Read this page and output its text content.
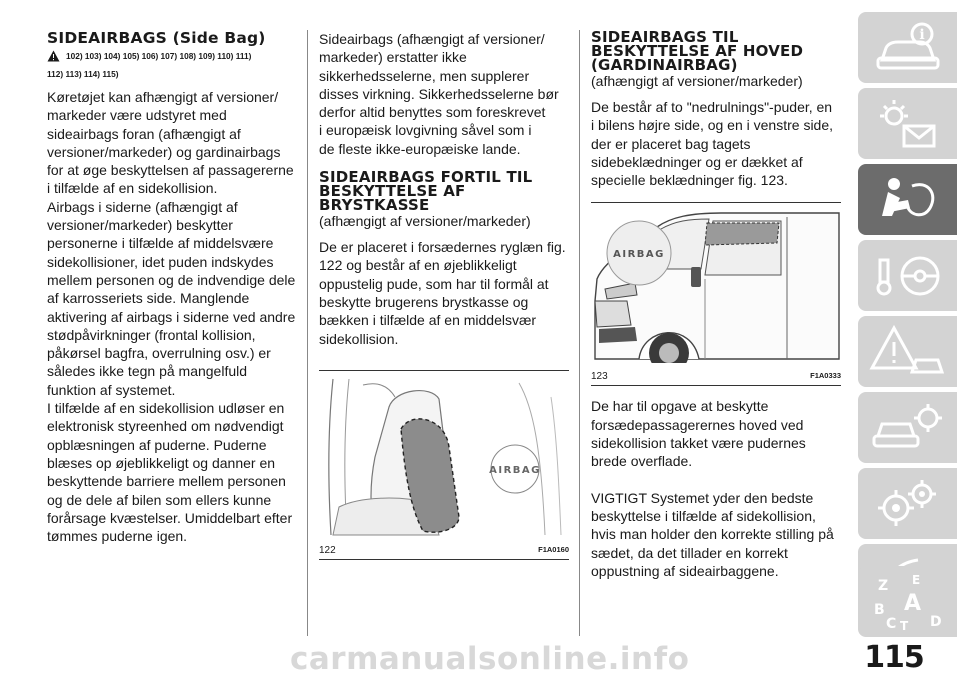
SIDEAIRBAGS (Side Bag)
102) 103) 104) 105) 106) 107) 108) 109) 110) 111)
112) 113) 114) 115)
Køretøjet kan afhængigt af versioner/
markeder være udstyret med
sideairbags foran (afhængigt af
versioner/markeder) og gardinairbags
for at øge beskyttelsen af passagererne
i tilfælde af en sidekollision.
Airbags i siderne (afhængigt af
versioner/markeder) beskytter
personerne i tilfælde af middelsvære
sidekollisioner, idet puden indskydes
mellem personen og de indvendige dele
af karrosseriets side. Manglende
aktivering af airbags i siderne ved andre
stødpåvirkninger (frontal kollision,
påkørsel bagfra, overrulning osv.) er
således ikke tegn på mangelfuld
funktion af systemet.
I tilfælde af en sidekollision udløser en
elektronisk styreenhed om nødvendigt
opblæsningen af puderne. Puderne
blæses op øjeblikkeligt og danner en
beskyttende barriere mellem personen
og de dele af bilen som ellers kunne
forårsage kvæstelser. Umiddelbart efter
tømmes puderne igen.
Sideairbags (afhængigt af versioner/
markeder) erstatter ikke
sikkerhedsselerne, men supplerer
disses virkning. Sikkerhedsselerne bør
derfor altid benyttes som foreskrevet
i europæisk lovgivning såvel som i
de fleste ikke-europæiske lande.
SIDEAIRBAGS FORTIL TIL
BESKYTTELSE AF
BRYSTKASSE
(afhængigt af versioner/markeder)
De er placeret i forsædernes ryglæn fig.
122 og består af en øjeblikkeligt
oppustelig pude, som har til formål at
beskytte brugerens brystkasse og
bækken i tilfælde af en middelsvær
sidekollision.
AIRBAG
122	F1A0160
SIDEAIRBAGS TIL
BESKYTTELSE AF HOVED
(GARDINAIRBAG)
(afhængigt af versioner/markeder)
De består af to "nedrulnings"-puder, en
i bilens højre side, og en i venstre side,
der er placeret bag tagets
sidebeklædninger og er dækket af
specielle beklædninger fig. 123.
AIRBAG
123	F1A0333
De har til opgave at beskytte
forsædepassagerernes hoved ved
sidekollision takket være pudernes
brede overflade.
VIGTIGT Systemet yder den bedste
beskyttelse i tilfælde af sidekollision,
hvis man holder den korrekte stilling på
sædet, da det tillader en korrekt
oppustning af sideairbaggene.
i
Z E
A
B
C T D
carmanualsonline.info	115
